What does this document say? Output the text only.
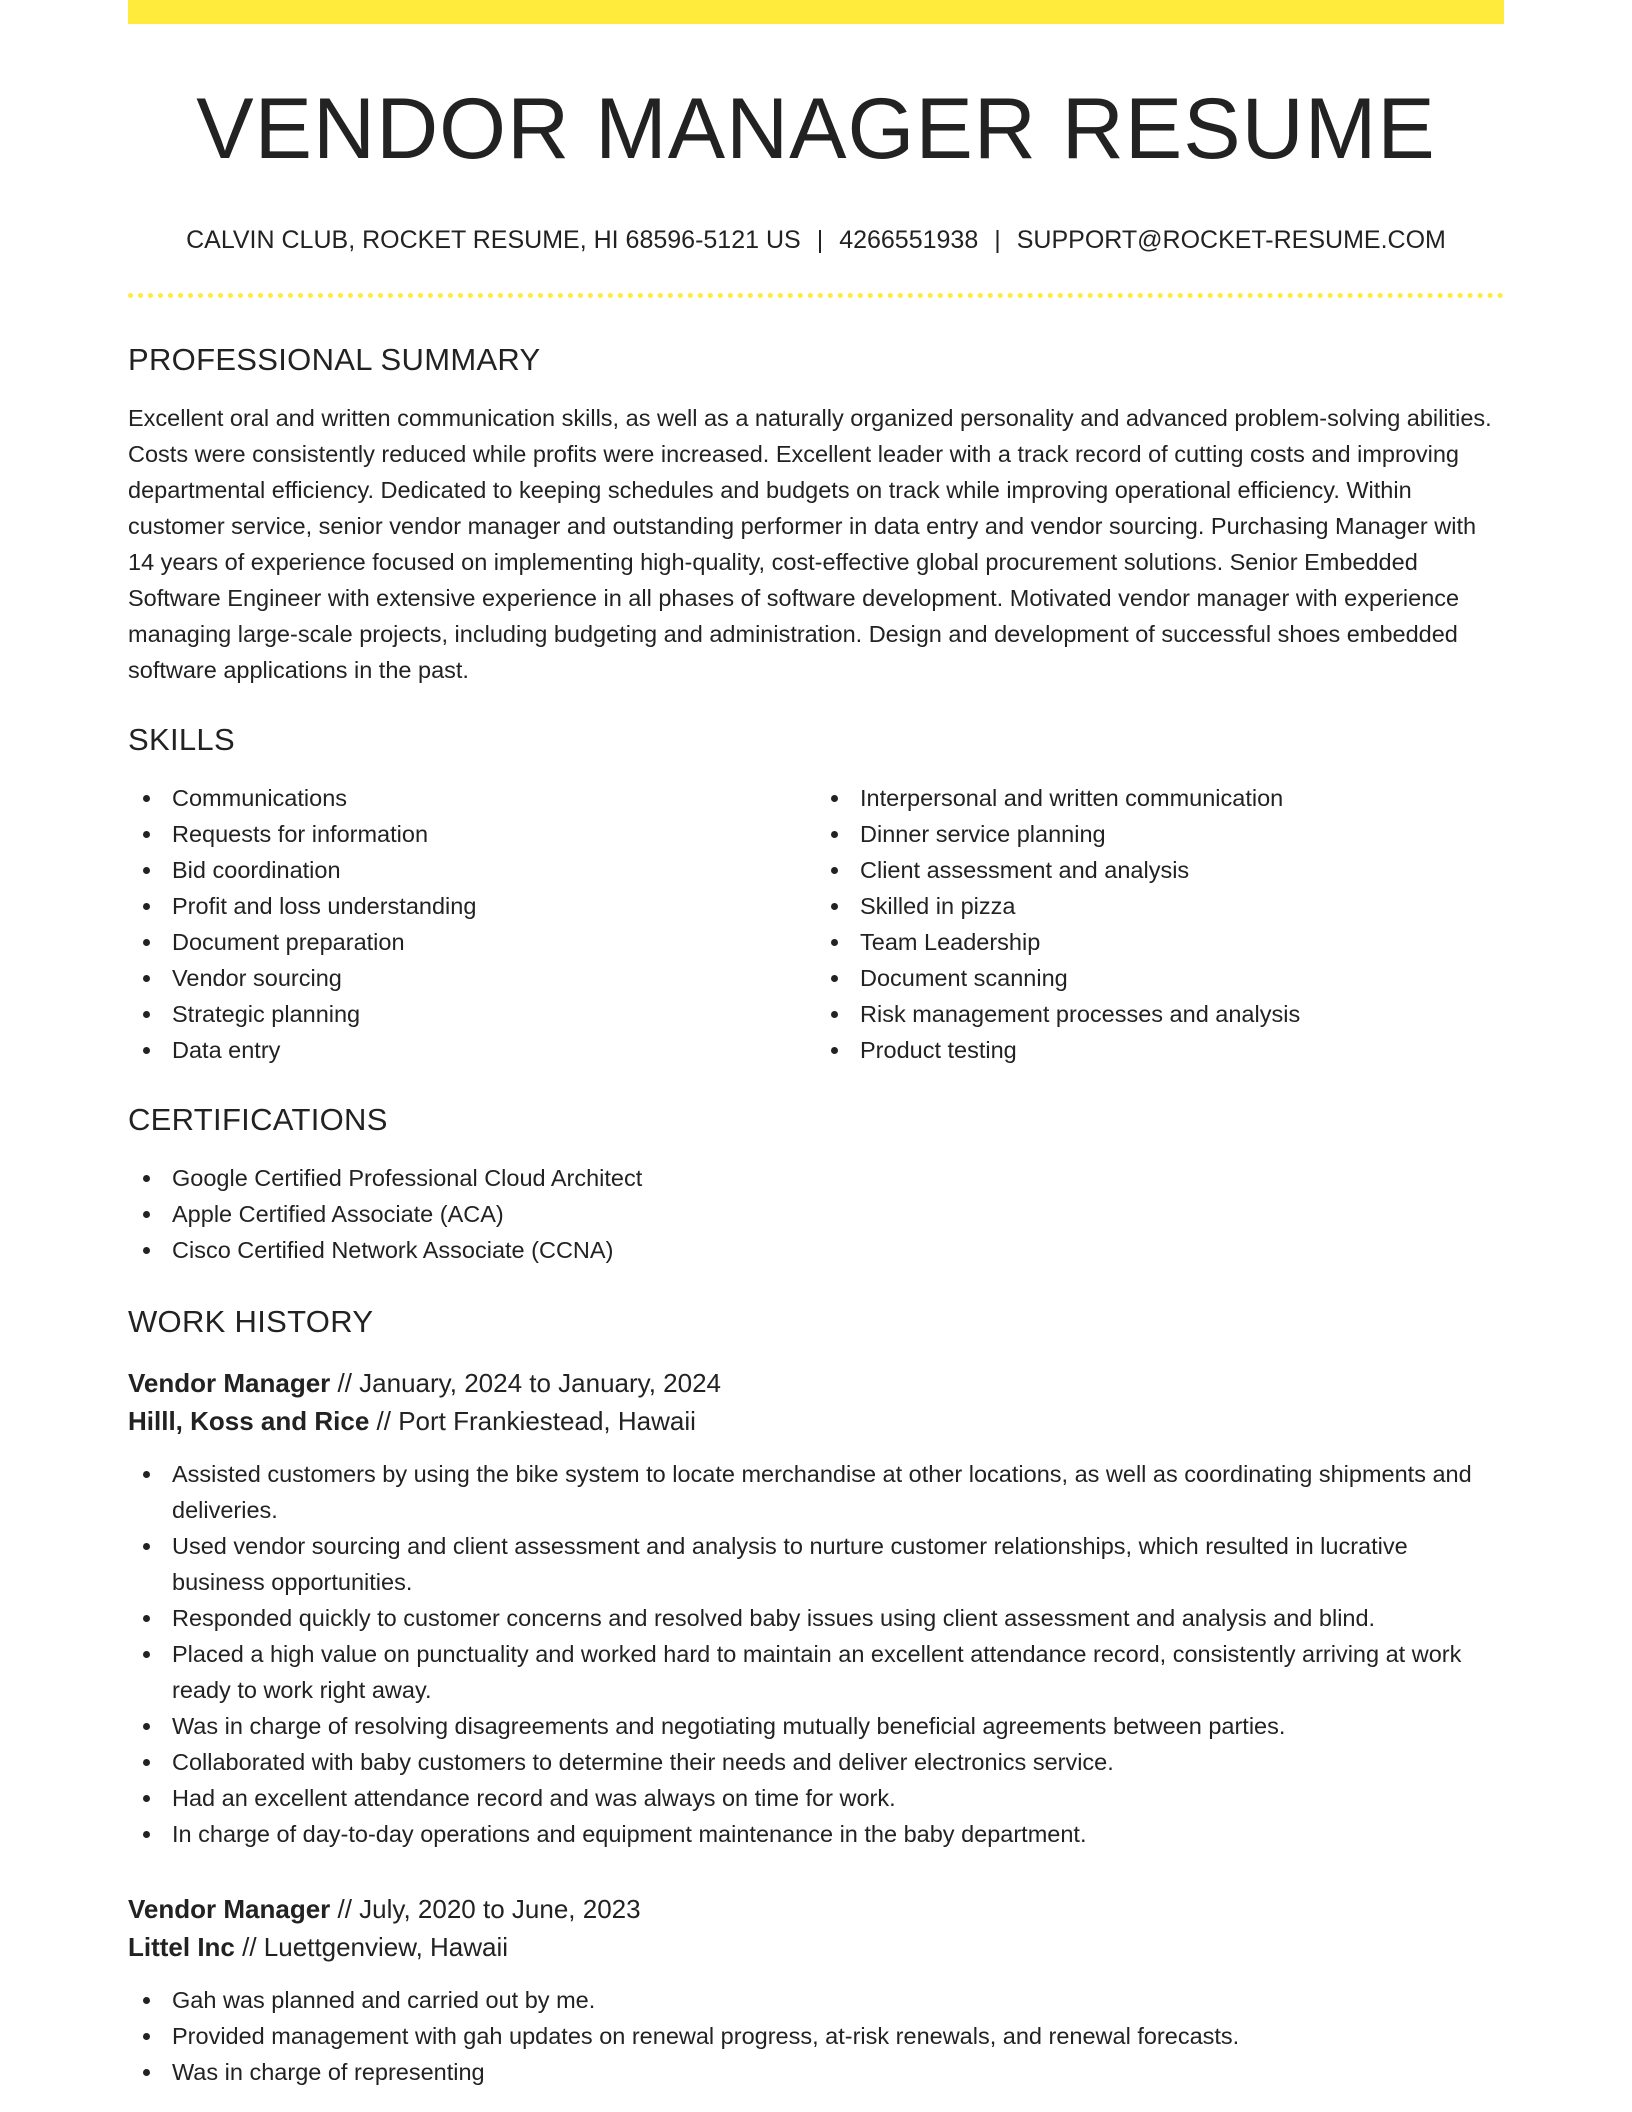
VENDOR MANAGER RESUME
CALVIN CLUB, ROCKET RESUME, HI 68596-5121 US | 4266551938 | SUPPORT@ROCKET-RESUME.COM
PROFESSIONAL SUMMARY

Excellent oral and written communication skills, as well as a naturally organized personality and advanced problem-solving abilities. Costs were consistently reduced while profits were increased. Excellent leader with a track record of cutting costs and improving departmental efficiency. Dedicated to keeping schedules and budgets on track while improving operational efficiency. Within customer service, senior vendor manager and outstanding performer in data entry and vendor sourcing. Purchasing Manager with 14 years of experience focused on implementing high-quality, cost-effective global procurement solutions. Senior Embedded Software Engineer with extensive experience in all phases of software development. Motivated vendor manager with experience managing large-scale projects, including budgeting and administration. Design and development of successful shoes embedded software applications in the past.

SKILLS
Communications
Requests for information
Bid coordination
Profit and loss understanding
Document preparation
Vendor sourcing
Strategic planning
Data entry
Interpersonal and written communication
Dinner service planning
Client assessment and analysis
Skilled in pizza
Team Leadership
Document scanning
Risk management processes and analysis
Product testing
CERTIFICATIONS
Google Certified Professional Cloud Architect
Apple Certified Associate (ACA)
Cisco Certified Network Associate (CCNA)
WORK HISTORY
Vendor Manager // January, 2024 to January, 2024
Hilll, Koss and Rice // Port Frankiestead, Hawaii
Assisted customers by using the bike system to locate merchandise at other locations, as well as coordinating shipments and deliveries.
Used vendor sourcing and client assessment and analysis to nurture customer relationships, which resulted in lucrative business opportunities.
Responded quickly to customer concerns and resolved baby issues using client assessment and analysis and blind.
Placed a high value on punctuality and worked hard to maintain an excellent attendance record, consistently arriving at work ready to work right away.
Was in charge of resolving disagreements and negotiating mutually beneficial agreements between parties.
Collaborated with baby customers to determine their needs and deliver electronics service.
Had an excellent attendance record and was always on time for work.
In charge of day-to-day operations and equipment maintenance in the baby department.
Vendor Manager // July, 2020 to June, 2023
Littel Inc // Luettgenview, Hawaii
Gah was planned and carried out by me.
Provided management with gah updates on renewal progress, at-risk renewals, and renewal forecasts.
Was in charge of representing
